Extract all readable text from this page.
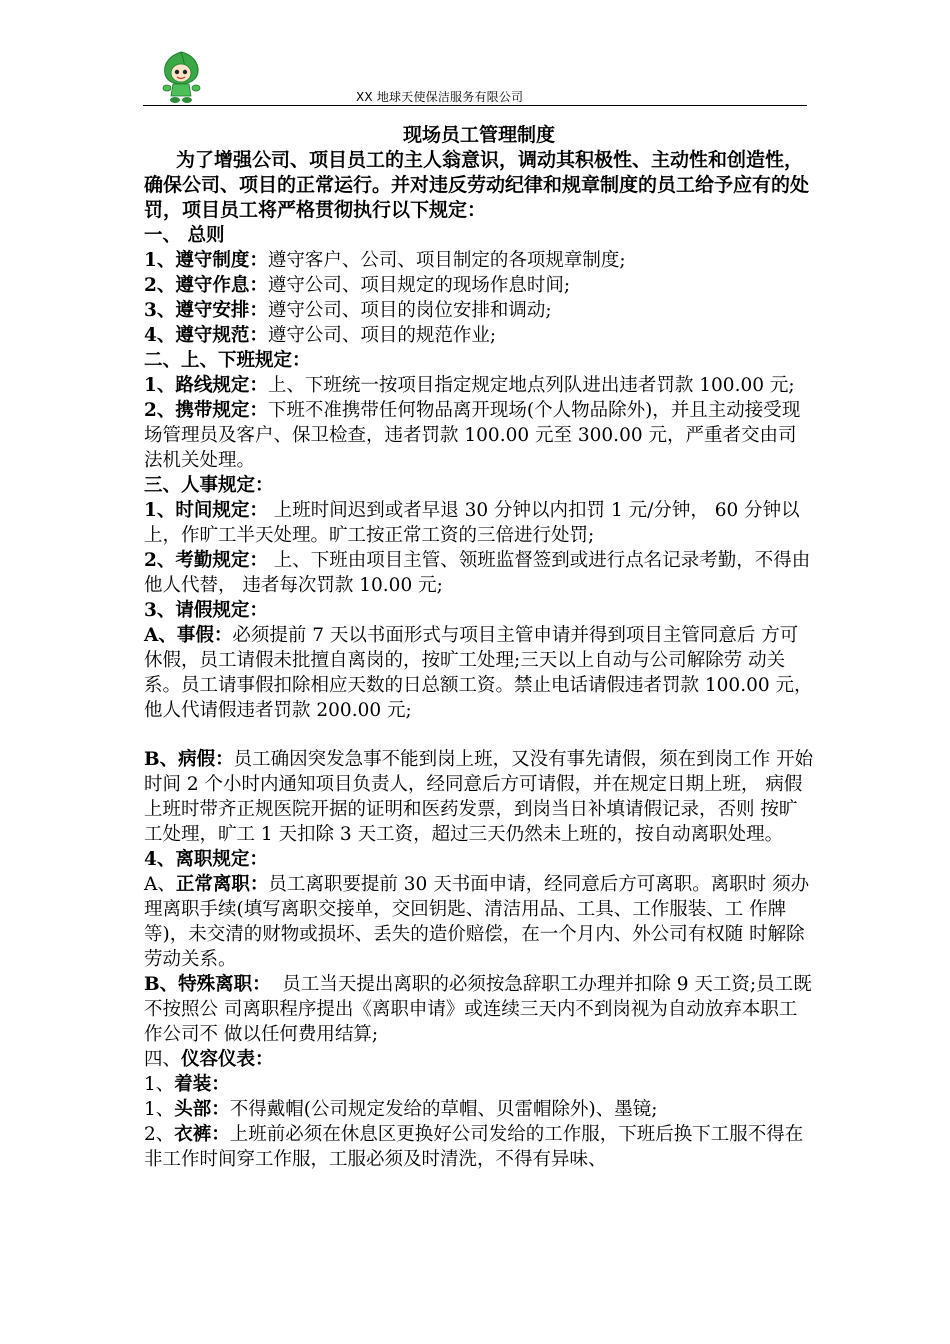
XX 地球天使保洁服务有限公司
现场员工管理制度
为了增强公司、项目员工的主人翁意识，调动其积极性、主动性和创造性， 确保公司、项目的正常运行。并对违反劳动纪律和规章制度的员工给予应有的处罚，项目员工将严格贯彻执行以下规定：
一、 总则
1、遵守制度：遵守客户、公司、项目制定的各项规章制度;
2、遵守作息：遵守公司、项目规定的现场作息时间;
3、遵守安排：遵守公司、项目的岗位安排和调动;
4、遵守规范：遵守公司、项目的规范作业;
二、上、下班规定：
1、路线规定：上、下班统一按项目指定规定地点列队进出违者罚款 100.00 元;
2、携带规定：下班不准携带任何物品离开现场(个人物品除外)，并且主动接受现场管理员及客户、保卫检查，违者罚款 100.00 元至 300.00 元，严重者交由司法机关处理。
三、人事规定：
1、时间规定： 上班时间迟到或者早退 30 分钟以内扣罚 1 元/分钟， 60 分钟以上，作旷工半天处理。旷工按正常工资的三倍进行处罚;
2、考勤规定： 上、下班由项目主管、领班监督签到或进行点名记录考勤，不得由他人代替， 违者每次罚款 10.00 元;
3、请假规定：
A、事假：必须提前 7 天以书面形式与项目主管申请并得到项目主管同意后 方可休假，员工请假未批擅自离岗的，按旷工处理;三天以上自动与公司解除劳 动关系。员工请事假扣除相应天数的日总额工资。禁止电话请假违者罚款 100.00 元，他人代请假违者罚款 200.00 元;
B、病假：员工确因突发急事不能到岗上班，又没有事先请假，须在到岗工作 开始时间 2 个小时内通知项目负责人，经同意后方可请假，并在规定日期上班， 病假上班时带齐正规医院开据的证明和医药发票，到岗当日补填请假记录，否则 按旷工处理，旷工 1 天扣除 3 天工资，超过三天仍然未上班的，按自动离职处理。
4、离职规定：
A、正常离职：员工离职要提前 30 天书面申请，经同意后方可离职。离职时 须办理离职手续(填写离职交接单，交回钥匙、清洁用品、工具、工作服装、工 作牌等)，未交清的财物或损坏、丢失的造价赔偿，在一个月内、外公司有权随 时解除劳动关系。
B、特殊离职：  员工当天提出离职的必须按急辞职工办理并扣除 9 天工资;员工既不按照公 司离职程序提出《离职申请》或连续三天内不到岗视为自动放弃本职工作公司不 做以任何费用结算;
四、仪容仪表：
1、着装：
1、头部：不得戴帽(公司规定发给的草帽、贝雷帽除外)、墨镜;
2、衣裤：上班前必须在休息区更换好公司发给的工作服，下班后换下工服不得在非工作时间穿工作服，工服必须及时清洗，不得有异味、
